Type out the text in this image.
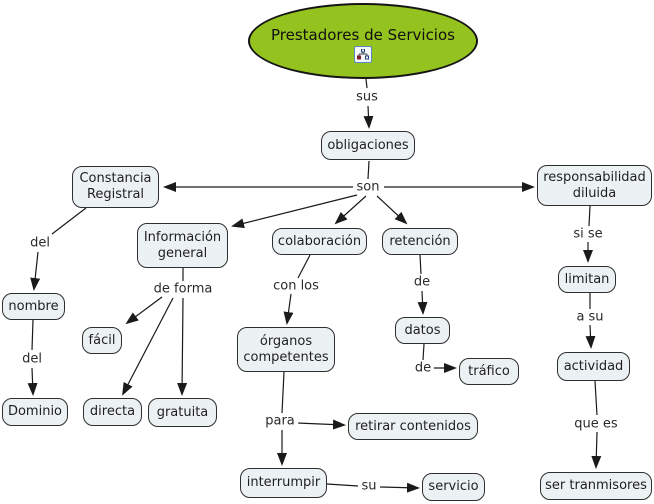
Prestadores de Servicios
obligaciones
Constancia Registral
Información general
colaboración	retención
responsabilidad diluida
nombre
Dominio
fácil
directa	gratuita
órganos competentes
retirar contenidos
interrumpir	servicio
datos
tráfico
limitan
actividad
ser tranmisores
sus
son
del
del
de forma	con los
para
su
de
de
si se
a su
que es
